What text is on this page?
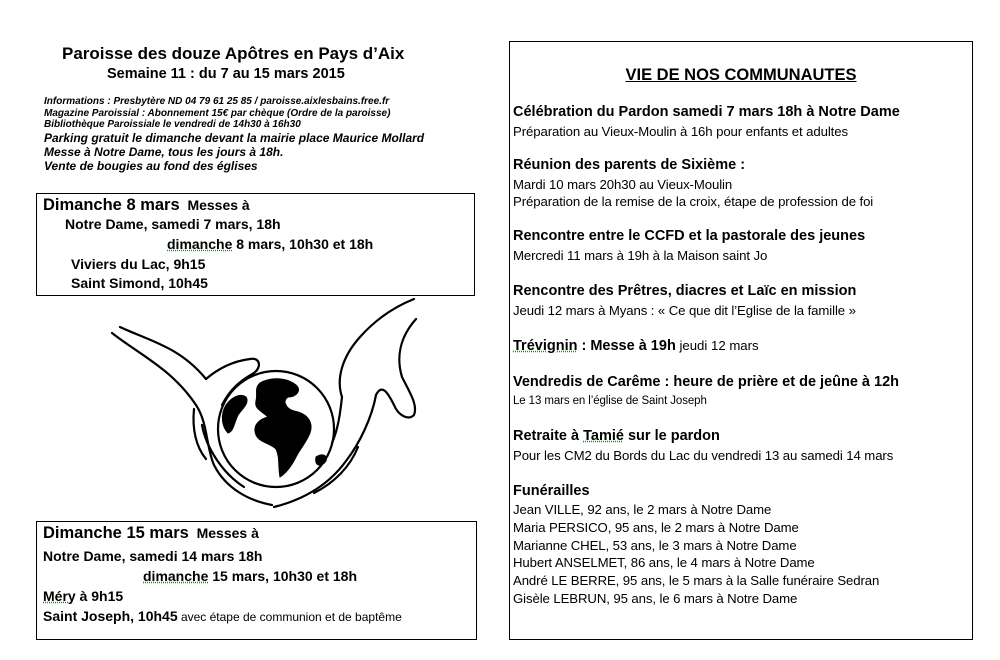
Paroisse des douze Apôtres en Pays d’Aix
Semaine 11 : du 7 au 15 mars 2015
Informations : Presbytère ND 04 79 61 25 85 / paroisse.aixlesbains.free.fr
Magazine Paroissial : Abonnement 15€ par chèque (Ordre de la paroisse)
Bibliothèque Paroissiale le vendredi de 14h30 à 16h30
Parking gratuit le dimanche devant la mairie place Maurice Mollard
Messe à Notre Dame, tous les jours à 18h.
Vente de bougies au fond des églises
Dimanche 8 mars Messes à
Notre Dame, samedi 7 mars, 18h
dimanche 8 mars, 10h30 et 18h
Viviers du Lac, 9h15
Saint Simond, 10h45
Dimanche 15 mars Messes à
Notre Dame, samedi 14 mars 18h
dimanche 15 mars, 10h30 et 18h
Méry à 9h15
Saint Joseph, 10h45 avec étape de communion et de baptême
VIE DE NOS COMMUNAUTES
Célébration du Pardon samedi 7 mars 18h à Notre Dame
Préparation au Vieux-Moulin à 16h pour enfants et adultes
Réunion des parents de Sixième :
Mardi 10 mars 20h30 au Vieux-Moulin
Préparation de la remise de la croix, étape de profession de foi
Rencontre entre le CCFD et la pastorale des jeunes
Mercredi 11 mars à 19h à la Maison saint Jo
Rencontre des Prêtres, diacres et Laïc en mission
Jeudi 12 mars à Myans : « Ce que dit l’Eglise de la famille »
Trévignin : Messe à 19h jeudi 12 mars
Vendredis de Carême : heure de prière et de jeûne à 12h
Le 13 mars en l’église de Saint Joseph
Retraite à Tamié sur le pardon
Pour les CM2 du Bords du Lac du vendredi 13 au samedi 14 mars
Funérailles
Jean VILLE, 92 ans, le 2 mars à Notre Dame
Maria PERSICO, 95 ans, le 2 mars à Notre Dame
Marianne CHEL, 53 ans, le 3 mars à Notre Dame
Hubert ANSELMET, 86 ans, le 4 mars à Notre Dame
André LE BERRE, 95 ans, le 5 mars à la Salle funéraire Sedran
Gisèle LEBRUN, 95 ans, le 6 mars à Notre Dame
